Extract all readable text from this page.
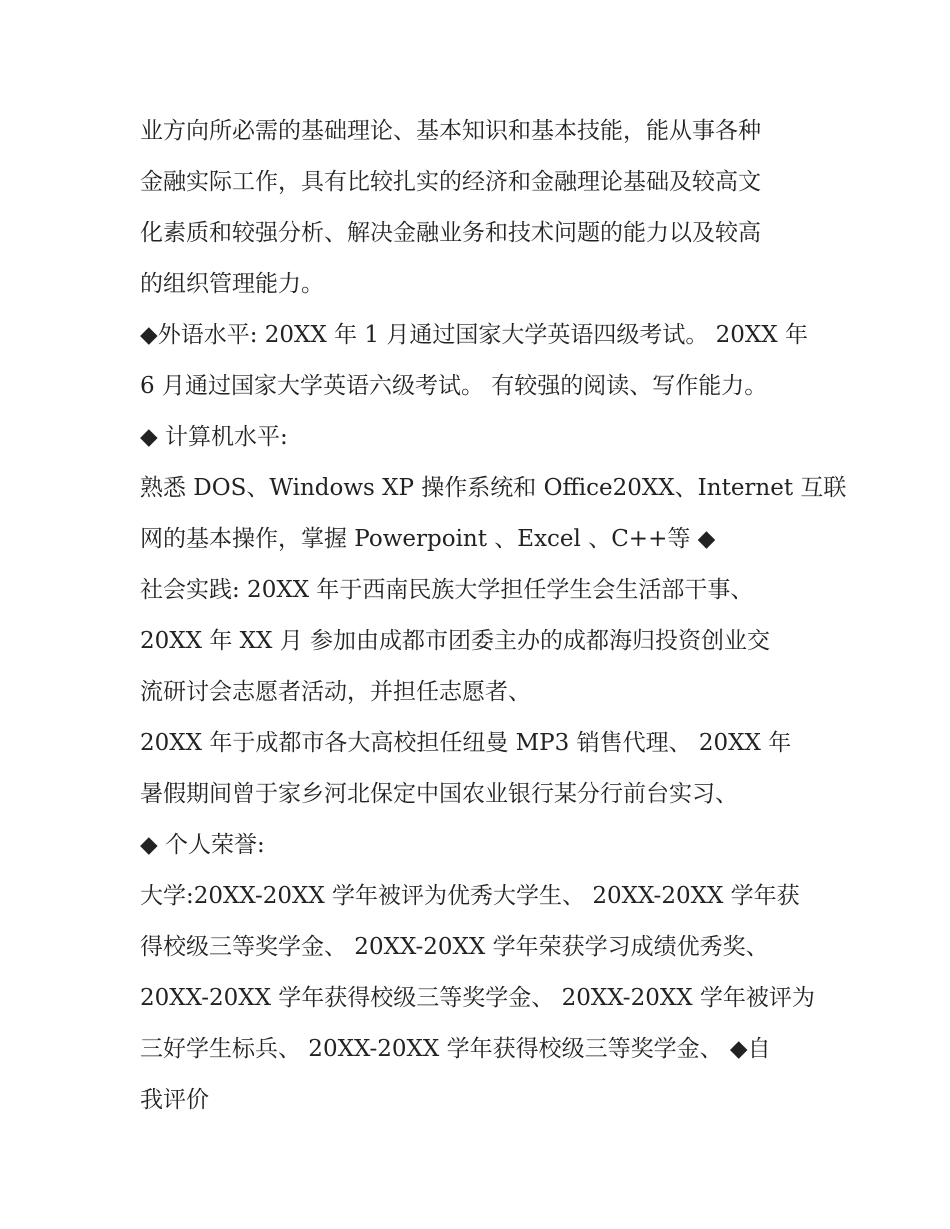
业方向所必需的基础理论、基本知识和基本技能，能从事各种
金融实际工作，具有比较扎实的经济和金融理论基础及较高文
化素质和较强分析、解决金融业务和技术问题的能力以及较高
的组织管理能力。
◆外语水平: 20XX 年 1 月通过国家大学英语四级考试。 20XX 年
6 月通过国家大学英语六级考试。 有较强的阅读、写作能力。
◆ 计算机水平:
熟悉 DOS、Windows XP 操作系统和 Office20XX、Internet 互联
网的基本操作，掌握 Powerpoint 、Excel 、C++等 ◆
社会实践: 20XX 年于西南民族大学担任学生会生活部干事、
20XX 年 XX 月 参加由成都市团委主办的成都海归投资创业交
流研讨会志愿者活动，并担任志愿者、
20XX 年于成都市各大高校担任纽曼 MP3 销售代理、 20XX 年
暑假期间曾于家乡河北保定中国农业银行某分行前台实习、
◆ 个人荣誉:
大学:20XX-20XX 学年被评为优秀大学生、 20XX-20XX 学年获
得校级三等奖学金、 20XX-20XX 学年荣获学习成绩优秀奖、
20XX-20XX 学年获得校级三等奖学金、 20XX-20XX 学年被评为
三好学生标兵、 20XX-20XX 学年获得校级三等奖学金、 ◆自
我评价
